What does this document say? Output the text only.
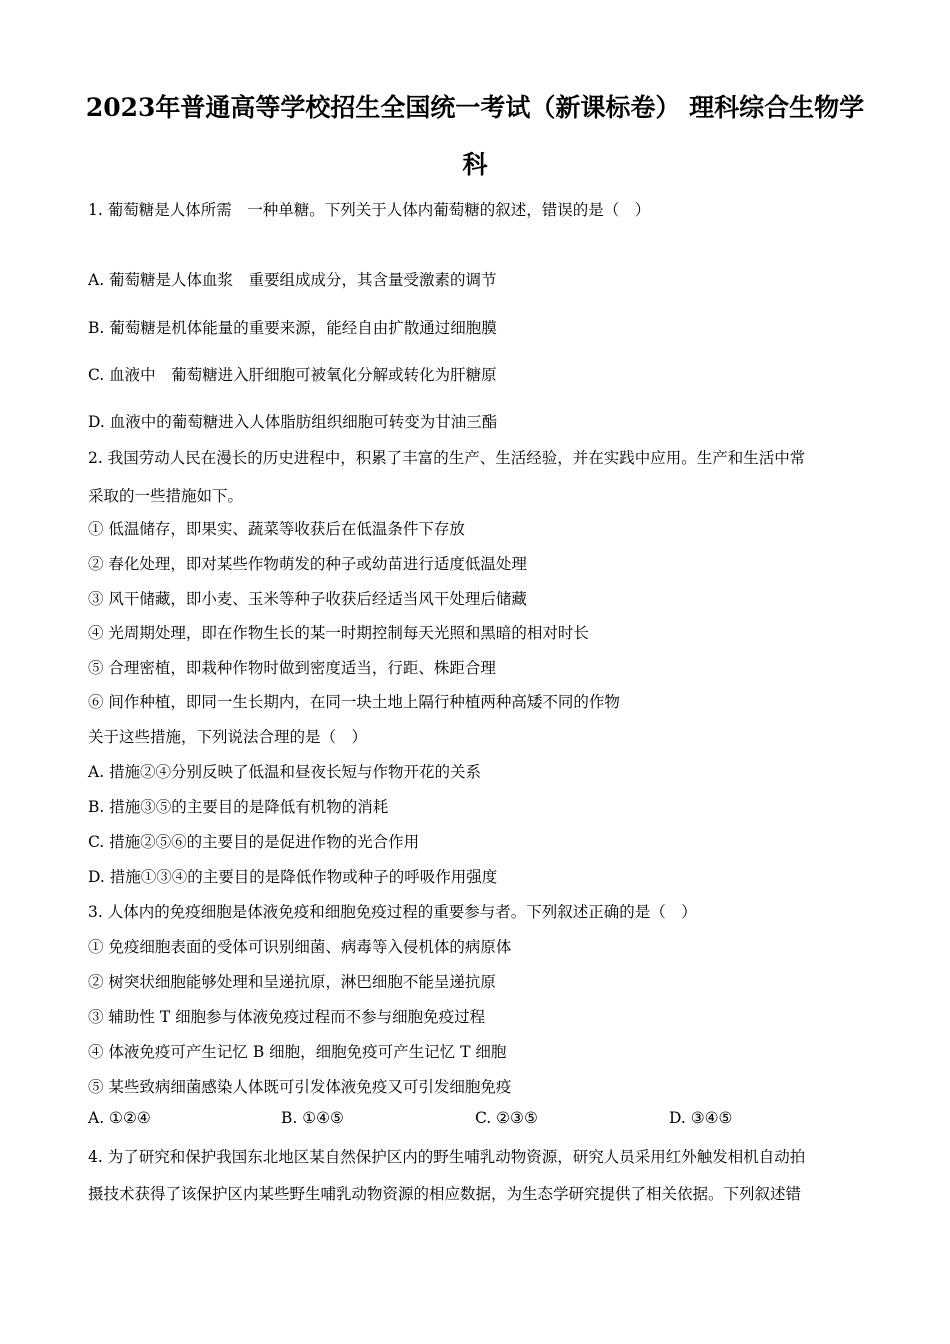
2023年普通高等学校招生全国统一考试（新课标卷） 理科综合生物学
科
1. 葡萄糖是人体所需　一种单糖。下列关于人体内葡萄糖的叙述，错误的是（　）
A. 葡萄糖是人体血浆　重要组成成分，其含量受激素的调节
B. 葡萄糖是机体能量的重要来源，能经自由扩散通过细胞膜
C. 血液中　葡萄糖进入肝细胞可被氧化分解或转化为肝糖原
D. 血液中的葡萄糖进入人体脂肪组织细胞可转变为甘油三酯
2. 我国劳动人民在漫长的历史进程中，积累了丰富的生产、生活经验，并在实践中应用。生产和生活中常
采取的一些措施如下。
① 低温储存，即果实、蔬菜等收获后在低温条件下存放
② 春化处理，即对某些作物萌发的种子或幼苗进行适度低温处理
③ 风干储藏，即小麦、玉米等种子收获后经适当风干处理后储藏
④ 光周期处理，即在作物生长的某一时期控制每天光照和黑暗的相对时长
⑤ 合理密植，即栽种作物时做到密度适当，行距、株距合理
⑥ 间作种植，即同一生长期内，在同一块土地上隔行种植两种高矮不同的作物
关于这些措施，下列说法合理的是（　）
A. 措施②④分别反映了低温和昼夜长短与作物开花的关系
B. 措施③⑤的主要目的是降低有机物的消耗
C. 措施②⑤⑥的主要目的是促进作物的光合作用
D. 措施①③④的主要目的是降低作物或种子的呼吸作用强度
3. 人体内的免疫细胞是体液免疫和细胞免疫过程的重要参与者。下列叙述正确的是（　）
① 免疫细胞表面的受体可识别细菌、病毒等入侵机体的病原体
② 树突状细胞能够处理和呈递抗原，淋巴细胞不能呈递抗原
③ 辅助性 T 细胞参与体液免疫过程而不参与细胞免疫过程
④ 体液免疫可产生记忆 B 细胞，细胞免疫可产生记忆 T 细胞
⑤ 某些致病细菌感染人体既可引发体液免疫又可引发细胞免疫
A. ①②④	B. ①④⑤	C. ②③⑤	D. ③④⑤
4. 为了研究和保护我国东北地区某自然保护区内的野生哺乳动物资源，研究人员采用红外触发相机自动拍
摄技术获得了该保护区内某些野生哺乳动物资源的相应数据，为生态学研究提供了相关依据。下列叙述错
